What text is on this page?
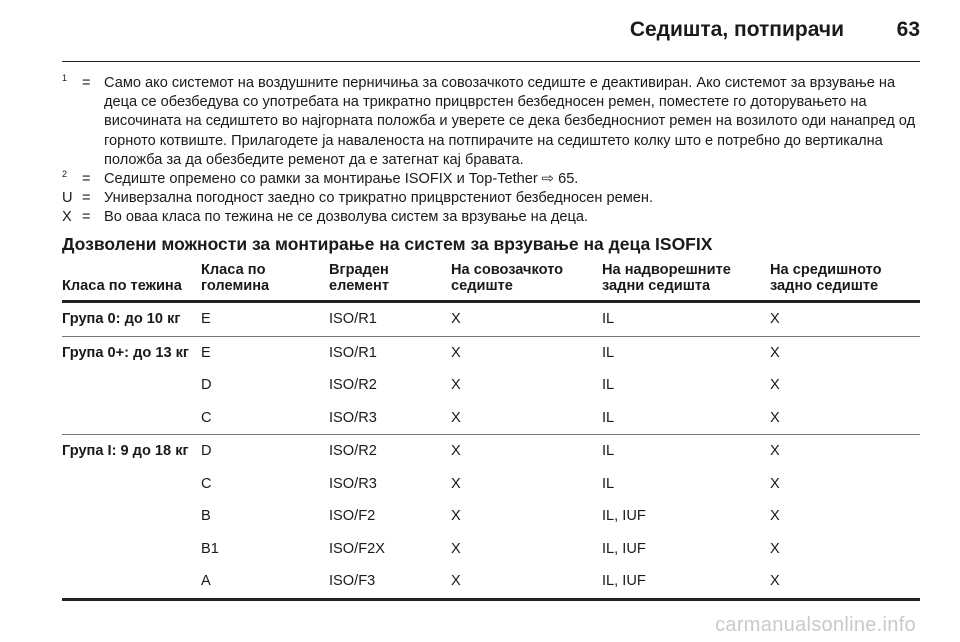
Седишта, потпирачи	63
$^1$	= Само ако системот на воздушните перничиња за совозачкото седиште е деактивиран. Ако системот за врзување на деца се обезбедува со употребата на трикратно прицврстен безбедносен ремен, поместете го доторувањето на височината на седиштето во најгорната положба и уверете се дека безбедносниот ремен на возилото оди нанапред од горното котвиште. Прилагодете ја наваленоста на потпирачите на седиштето колку што е потребно до вертикална положба за да обезбедите ременот да е затегнат кај бравата.
$^2$	= Седиште опремено со рамки за монтирање ISOFIX и Top-Tether ⇨ 65.
U = Универзална погодност заедно со трикратно прицврстениот безбедносен ремен.
X = Во оваа класа по тежина не се дозволува систем за врзување на деца.
Дозволени можности за монтирање на систем за врзување на деца ISOFIX
Класа по тежина	Класа по големина	Вграден елемент	На совозачкото седиште	На надворешните задни седишта	На средишното задно седиште
Група 0: до 10 кг	E	ISO/R1	X	IL	X
Група 0+: до 13 кг	E	ISO/R1	X	IL	X
	D	ISO/R2	X	IL	X
	C	ISO/R3	X	IL	X
Група I: 9 до 18 кг	D	ISO/R2	X	IL	X
	C	ISO/R3	X	IL	X
	B	ISO/F2	X	IL, IUF	X
	B1	ISO/F2X	X	IL, IUF	X
	A	ISO/F3	X	IL, IUF	X
carmanualsonline.info
